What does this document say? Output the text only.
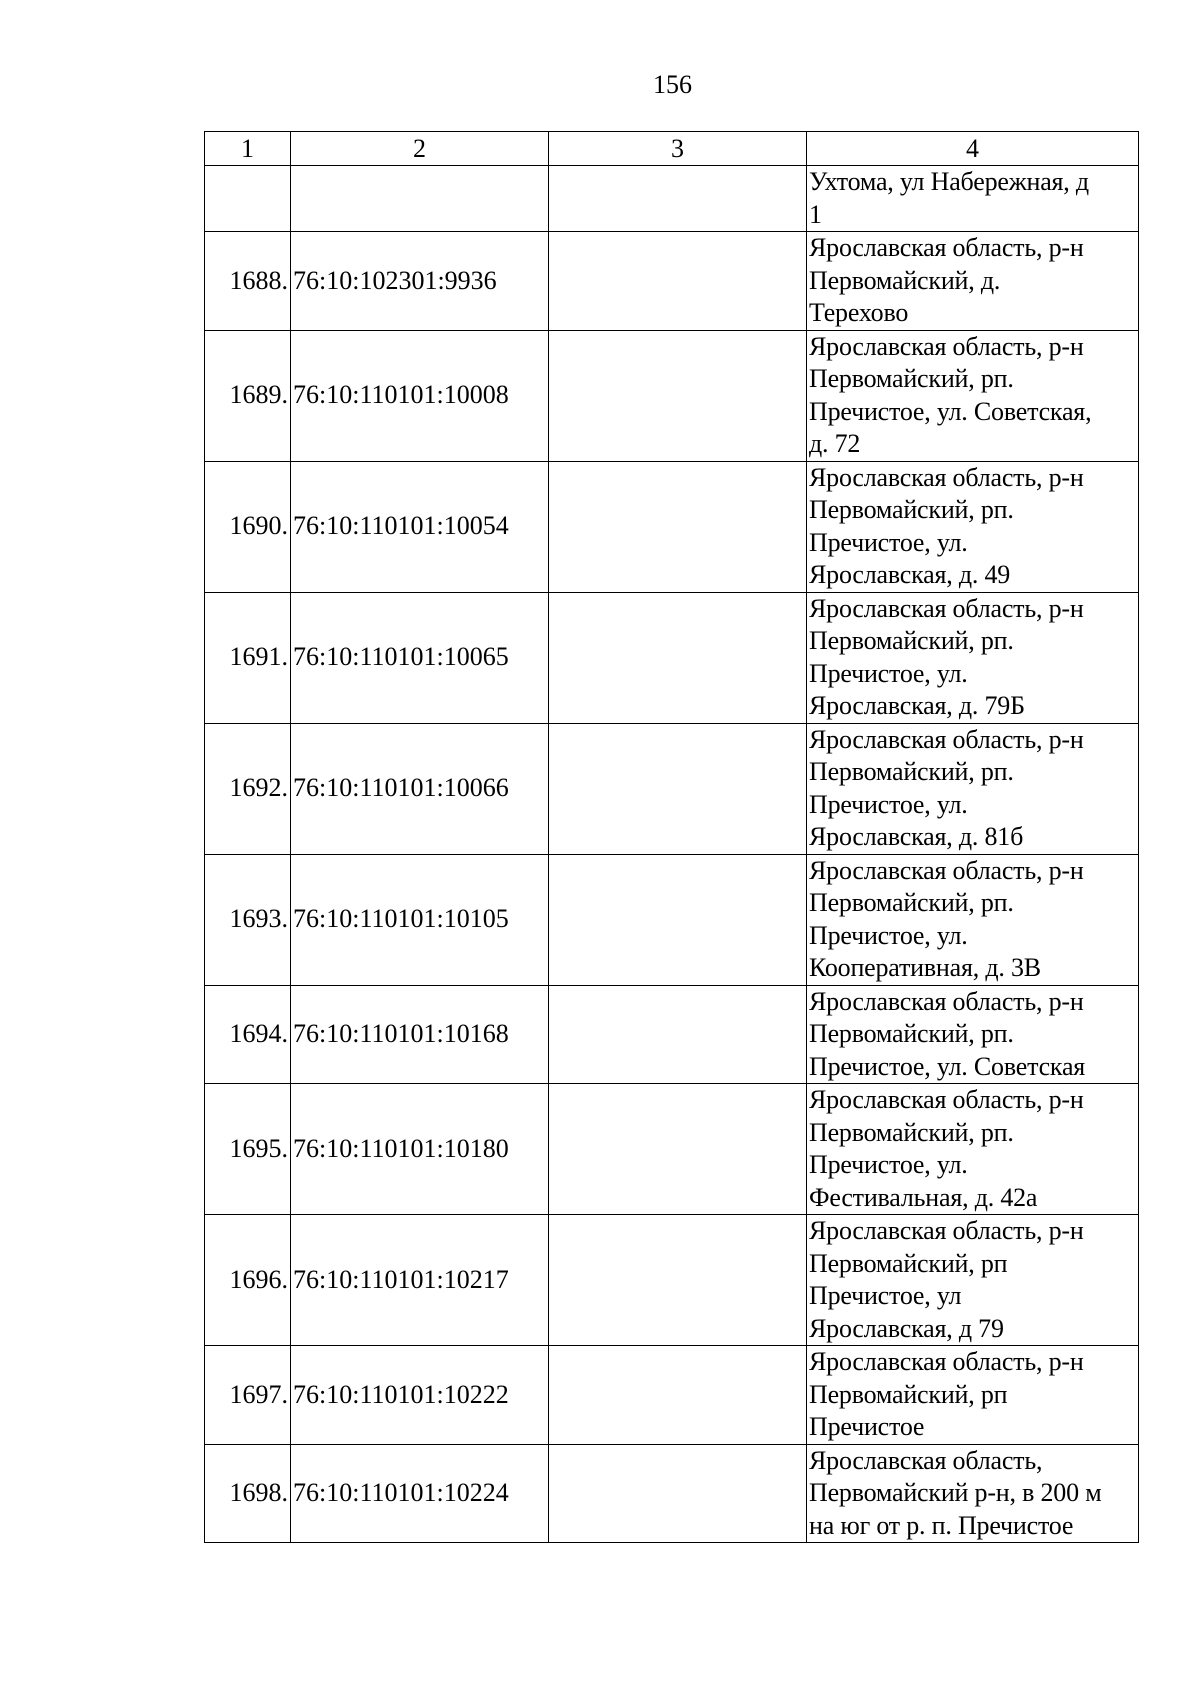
156
1	2	3	4
			Ухтома, ул Набережная, д
1
1688.	76:10:102301:9936		Ярославская область, р-н
Первомайский, д.
Терехово
1689.	76:10:110101:10008		Ярославская область, р-н
Первомайский, рп.
Пречистое, ул. Советская,
д. 72
1690.	76:10:110101:10054		Ярославская область, р-н
Первомайский, рп.
Пречистое, ул.
Ярославская, д. 49
1691.	76:10:110101:10065		Ярославская область, р-н
Первомайский, рп.
Пречистое, ул.
Ярославская, д. 79Б
1692.	76:10:110101:10066		Ярославская область, р-н
Первомайский, рп.
Пречистое, ул.
Ярославская, д. 81б
1693.	76:10:110101:10105		Ярославская область, р-н
Первомайский, рп.
Пречистое, ул.
Кооперативная, д. 3В
1694.	76:10:110101:10168		Ярославская область, р-н
Первомайский, рп.
Пречистое, ул. Советская
1695.	76:10:110101:10180		Ярославская область, р-н
Первомайский, рп.
Пречистое, ул.
Фестивальная, д. 42а
1696.	76:10:110101:10217		Ярославская область, р-н
Первомайский, рп
Пречистое, ул
Ярославская, д 79
1697.	76:10:110101:10222		Ярославская область, р-н
Первомайский, рп
Пречистое
1698.	76:10:110101:10224		Ярославская область,
Первомайский р-н, в 200 м
на юг от р. п. Пречистое
